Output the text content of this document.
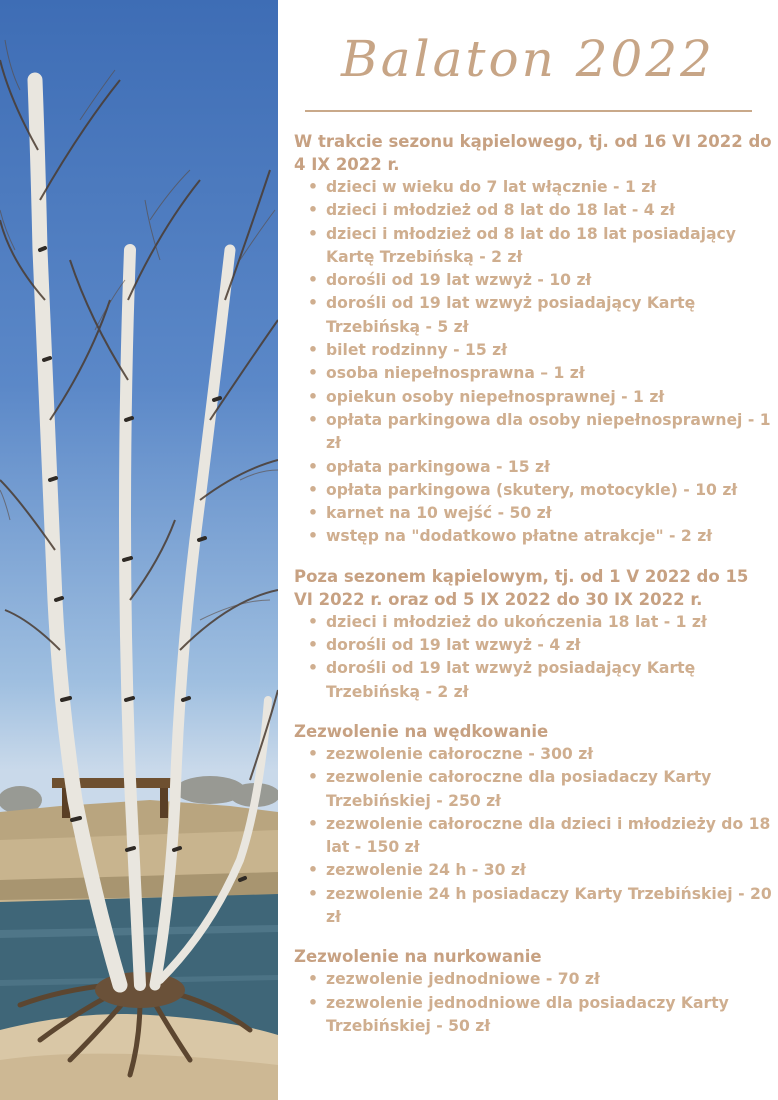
Balaton 2022
W trakcie sezonu kąpielowego, tj. od 16 VI 2022 do 4 IX 2022 r.
• dzieci w wieku do 7 lat włącznie - 1 zł
• dzieci i młodzież od 8 lat do 18 lat - 4 zł
• dzieci i młodzież od 8 lat do 18 lat posiadający Kartę Trzebińską - 2 zł
• dorośli od 19 lat wzwyż - 10 zł
• dorośli od 19 lat wzwyż posiadający Kartę Trzebińską - 5 zł
• bilet rodzinny - 15 zł
• osoba niepełnosprawna – 1 zł
• opiekun osoby niepełnosprawnej - 1 zł
• opłata parkingowa dla osoby niepełnosprawnej - 1 zł
• opłata parkingowa - 15 zł
• opłata parkingowa (skutery, motocykle) - 10 zł
• karnet na 10 wejść - 50 zł
• wstęp na "dodatkowo płatne atrakcje" - 2 zł
Poza sezonem kąpielowym, tj. od 1 V 2022 do 15 VI 2022 r. oraz od 5 IX 2022 do 30 IX 2022 r.
• dzieci i młodzież do ukończenia 18 lat - 1 zł
• dorośli od 19 lat wzwyż - 4 zł
• dorośli od 19 lat wzwyż posiadający Kartę Trzebińską - 2 zł
Zezwolenie na wędkowanie
• zezwolenie całoroczne - 300 zł
• zezwolenie całoroczne dla posiadaczy Karty Trzebińskiej - 250 zł
• zezwolenie całoroczne dla dzieci i młodzieży do 18 lat - 150 zł
• zezwolenie 24 h - 30 zł
• zezwolenie 24 h posiadaczy Karty Trzebińskiej - 20 zł
Zezwolenie na nurkowanie
• zezwolenie jednodniowe - 70 zł
• zezwolenie jednodniowe dla posiadaczy Karty Trzebińskiej - 50 zł
